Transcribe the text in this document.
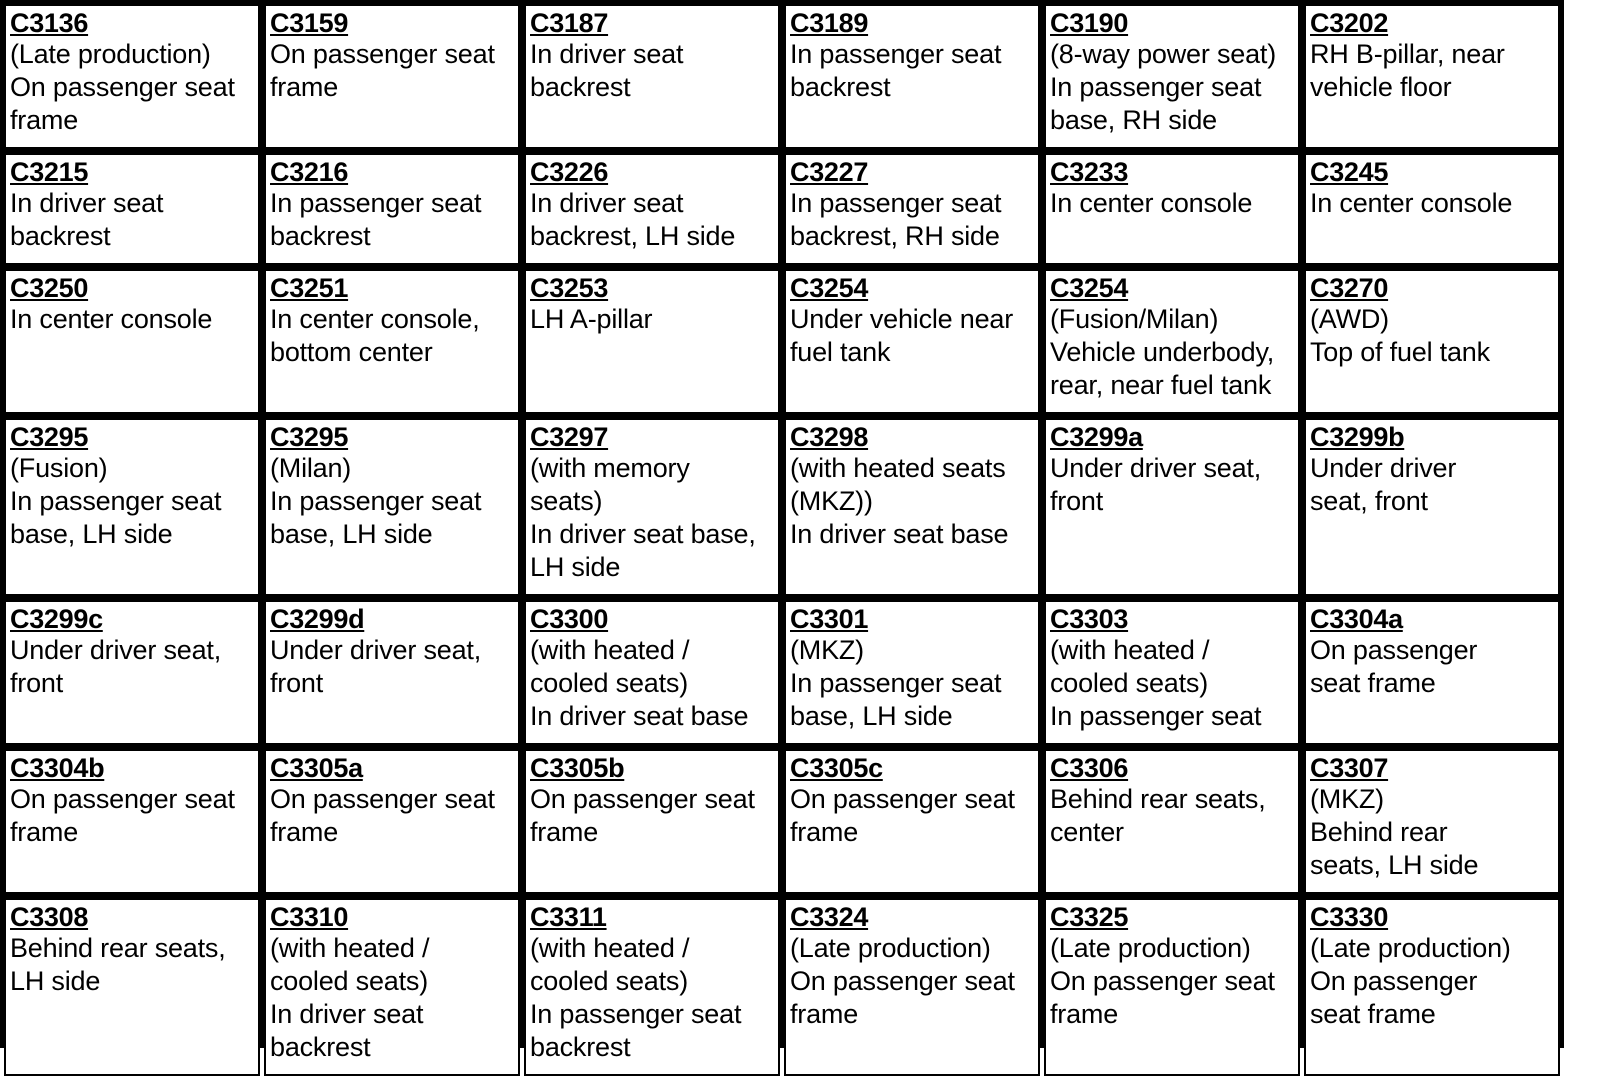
C3136
(Late production)
On passenger seat
frame
C3159
On passenger seat
frame
C3187
In driver seat
backrest
C3189
In passenger seat
backrest
C3190
(8-way power seat)
In passenger seat
base, RH side
C3202
RH B-pillar, near
vehicle floor
C3215
In driver seat
backrest
C3216
In passenger seat
backrest
C3226
In driver seat
backrest, LH side
C3227
In passenger seat
backrest, RH side
C3233
In center console
C3245
In center console
C3250
In center console
C3251
In center console,
bottom center
C3253
LH A-pillar
C3254
Under vehicle near
fuel tank
C3254
(Fusion/Milan)
Vehicle underbody,
rear, near fuel tank
C3270
(AWD)
Top of fuel tank
C3295
(Fusion)
In passenger seat
base, LH side
C3295
(Milan)
In passenger seat
base, LH side
C3297
(with memory
seats)
In driver seat base,
LH side
C3298
(with heated seats
(MKZ))
In driver seat base
C3299a
Under driver seat,
front
C3299b
Under driver
seat, front
C3299c
Under driver seat,
front
C3299d
Under driver seat,
front
C3300
(with heated /
cooled seats)
In driver seat base
C3301
(MKZ)
In passenger seat
base, LH side
C3303
(with heated /
cooled seats)
In passenger seat
C3304a
On passenger
seat frame
C3304b
On passenger seat
frame
C3305a
On passenger seat
frame
C3305b
On passenger seat
frame
C3305c
On passenger seat
frame
C3306
Behind rear seats,
center
C3307
(MKZ)
Behind rear
seats, LH side
C3308
Behind rear seats,
LH side
C3310
(with heated /
cooled seats)
In driver seat
backrest
C3311
(with heated /
cooled seats)
In passenger seat
backrest
C3324
(Late production)
On passenger seat
frame
C3325
(Late production)
On passenger seat
frame
C3330
(Late production)
On passenger
seat frame
